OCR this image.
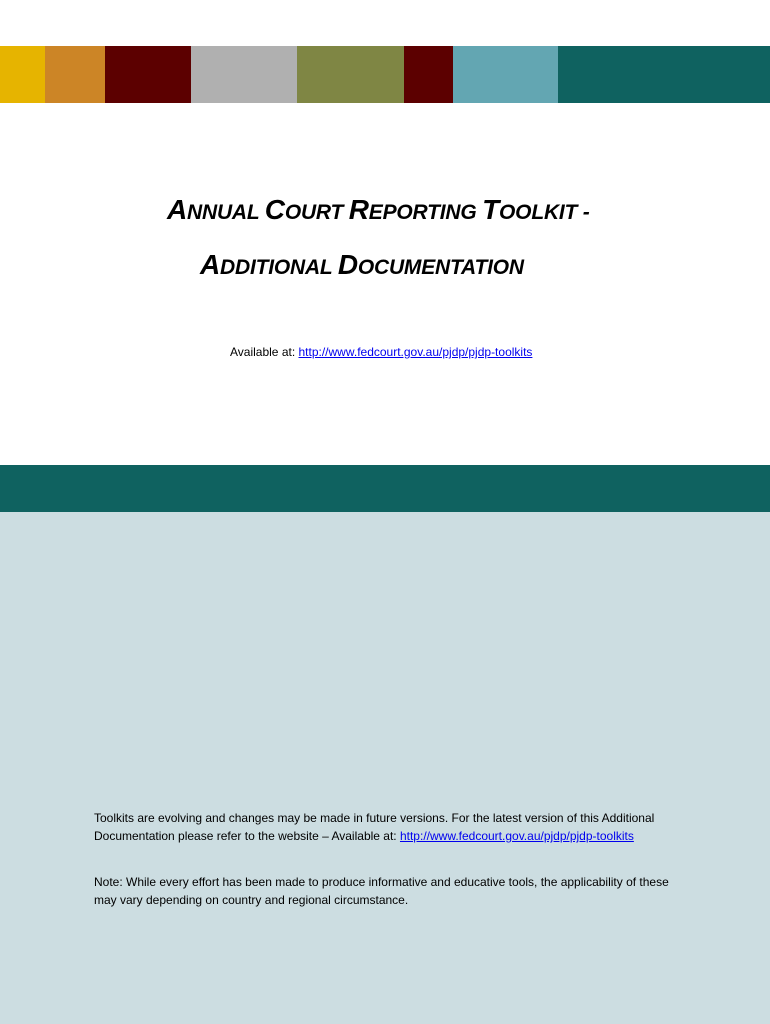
ANNUAL COURT REPORTING TOOLKIT -
ADDITIONAL DOCUMENTATION
Available at: http://www.fedcourt.gov.au/pjdp/pjdp-toolkits

Toolkits are evolving and changes may be made in future versions. For the latest version of this Additional Documentation please refer to the website – Available at: http://www.fedcourt.gov.au/pjdp/pjdp-toolkits

Note: While every effort has been made to produce informative and educative tools, the applicability of these may vary depending on country and regional circumstance.
